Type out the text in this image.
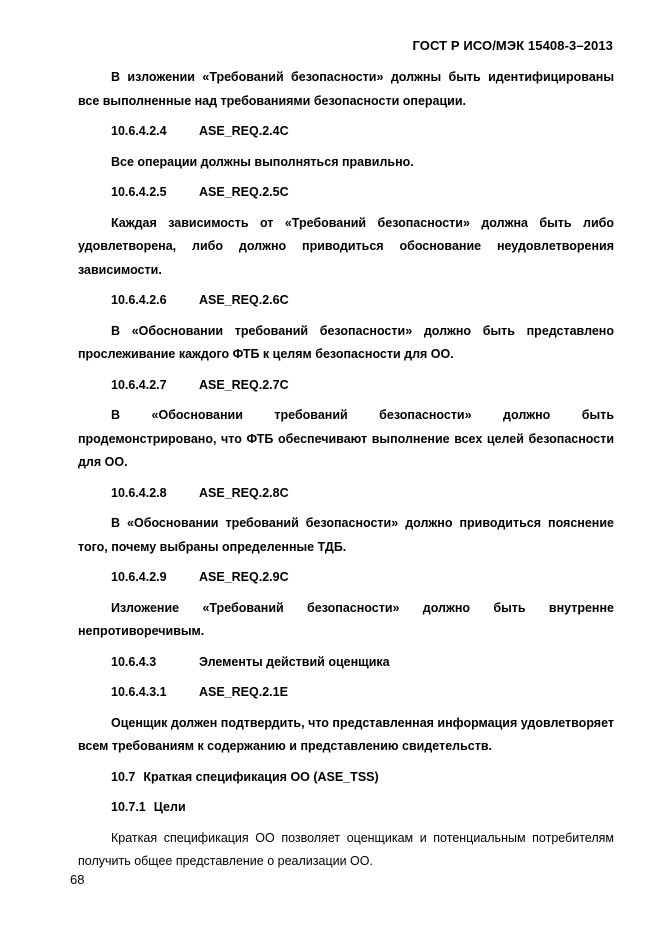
ГОСТ Р ИСО/МЭК 15408-3–2013

В изложении «Требований безопасности» должны быть идентифицированы все выполненные над требованиями безопасности операции.

10.6.4.2.4	ASE_REQ.2.4C

Все операции должны выполняться правильно.

10.6.4.2.5	ASE_REQ.2.5C

Каждая зависимость от «Требований безопасности» должна быть либо удовлетворена, либо должно приводиться обоснование неудовлетворения зависимости.

10.6.4.2.6	ASE_REQ.2.6C

В «Обосновании требований безопасности» должно быть представлено прослеживание каждого ФТБ к целям безопасности для ОО.

10.6.4.2.7	ASE_REQ.2.7C

В «Обосновании требований безопасности» должно быть продемонстрировано, что ФТБ обеспечивают выполнение всех целей безопасности для ОО.

10.6.4.2.8	ASE_REQ.2.8C

В «Обосновании требований безопасности» должно приводиться пояснение того, почему выбраны определенные ТДБ.

10.6.4.2.9	ASE_REQ.2.9C

Изложение «Требований безопасности» должно быть внутренне непротиворечивым.

10.6.4.3	Элементы действий оценщика
10.6.4.3.1	ASE_REQ.2.1E

Оценщик должен подтвердить, что представленная информация удовлетворяет всем требованиям к содержанию и представлению свидетельств.

10.7 Краткая спецификация ОО (ASE_TSS)
10.7.1 Цели

Краткая спецификация ОО позволяет оценщикам и потенциальным потребителям получить общее представление о реализации ОО.

68
